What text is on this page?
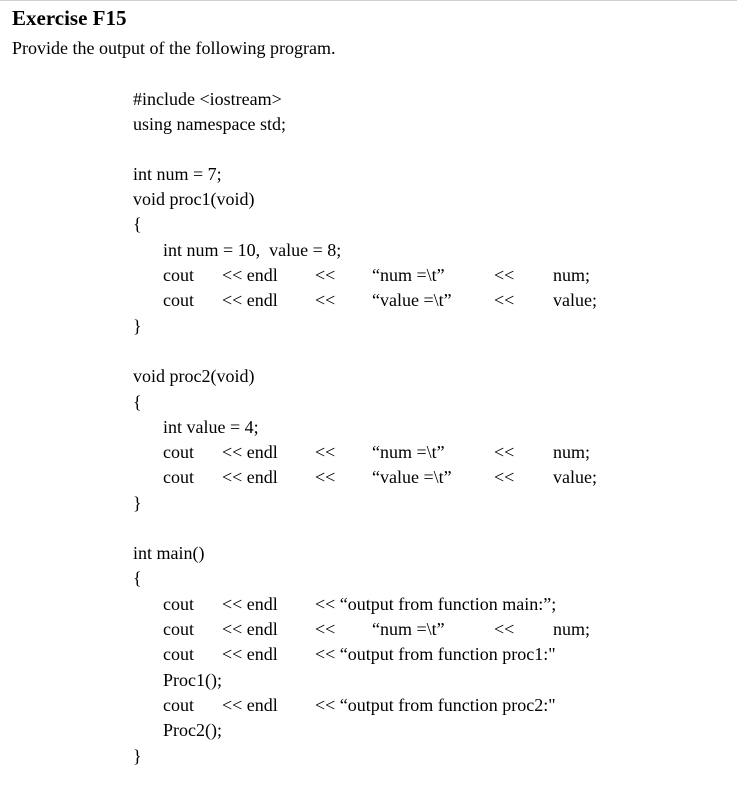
Exercise F15

Provide the output of the following program.

#include <iostream>
using namespace std;
int num = 7;
void proc1(void)
{
int num = 10,  value = 8;
cout << endl << “num =\t”	<< num;
cout << endl << “value =\t” << value;
}
void proc2(void)
{
int value = 4;
cout << endl << “num =\t”	<< num;
cout << endl << “value =\t” << value;
}
int main()
{
cout << endl << “output from function main:”;
cout << endl << “num =\t”	<< num;
cout << endl << “output from function proc1:"
Proc1();
cout << endl << “output from function proc2:"
Proc2();
}
